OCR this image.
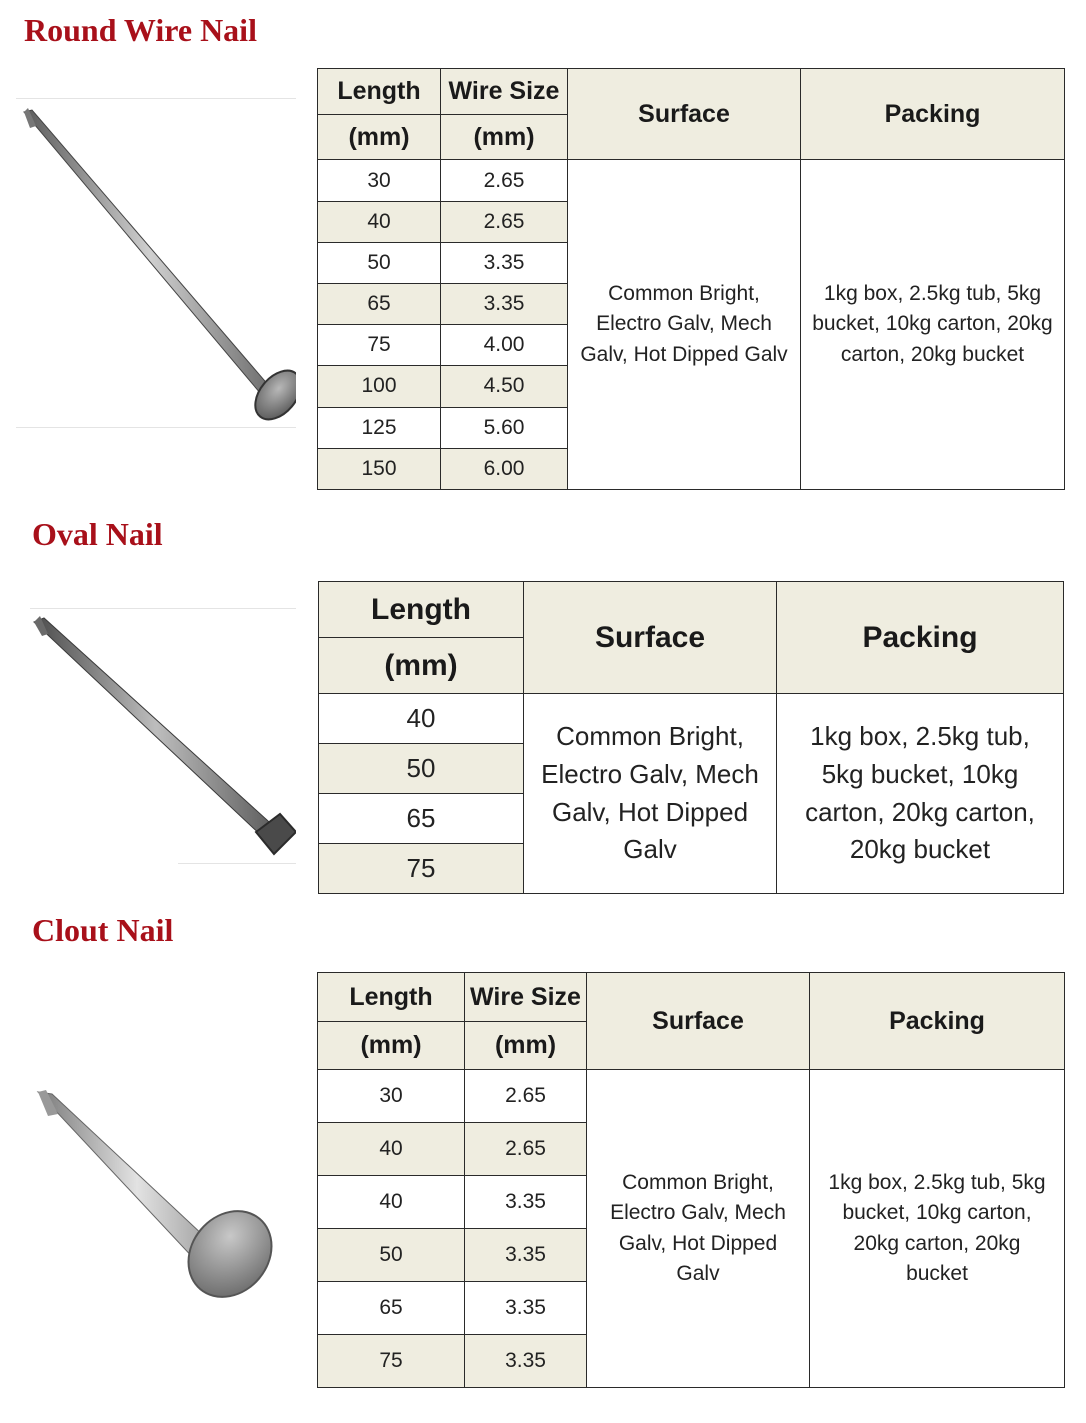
Round Wire Nail
Length	Wire Size	Surface	Packing
(mm)	(mm)		
30	2.65	Common Bright, Electro Galv, Mech Galv, Hot Dipped Galv	1kg box, 2.5kg tub, 5kg bucket, 10kg carton, 20kg carton, 20kg bucket
40	2.65		
50	3.35		
65	3.35		
75	4.00		
100	4.50		
125	5.60		
150	6.00		
Oval Nail
Length	Surface	Packing
(mm)		
40	Common Bright, Electro Galv, Mech Galv, Hot Dipped Galv	1kg box, 2.5kg tub, 5kg bucket, 10kg carton, 20kg carton, 20kg bucket
50		
65		
75		
Clout Nail
Length	Wire Size	Surface	Packing
(mm)	(mm)		
30	2.65	Common Bright, Electro Galv, Mech Galv, Hot Dipped Galv	1kg box, 2.5kg tub, 5kg bucket, 10kg carton, 20kg carton, 20kg bucket
40	2.65		
40	3.35		
50	3.35		
65	3.35		
75	3.35		
